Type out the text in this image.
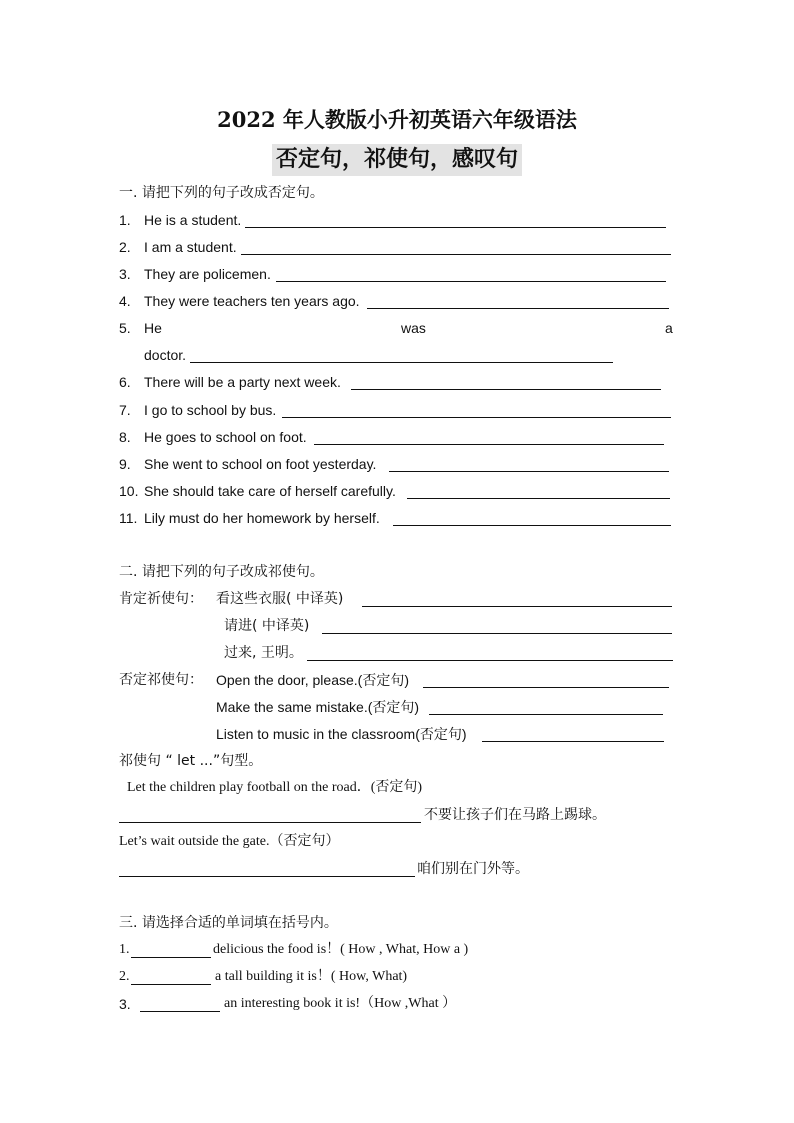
2022 年人教版小升初英语六年级语法
否定句，祁使句，感叹句
一. 请把下列的句子改成否定句。
1. He is a student.
2. I am a student.
3. They are policemen.
4. They were teachers ten years ago.
5. He	was	a
doctor.
6. There will be a party next week.
7. I go to school by bus.
8. He goes to school on foot.
9. She went to school on foot yesterday.
10. She should take care of herself carefully.
11. Lily must do her homework by herself.
二. 请把下列的句子改成祁使句。
肯定祈使句： 看这些衣服( 中译英)
请进( 中译英)
过来, 王明。
否定祁使句： Open the door, please.(否定句)
Make the same mistake.(否定句)
Listen to music in the classroom(否定句)
祁使句 “ let ...”句型。
Let the children play football on the road．(否定句)
不要让孩子们在马路上踢球。
Let’s wait outside the gate.（否定句）
咱们别在门外等。
三. 请选择合适的单词填在括号内。
1.	delicious the food is！( How , What, How a )
2.	a tall building it is！( How, What)
3.	an interesting book it is!（How ,What ）
